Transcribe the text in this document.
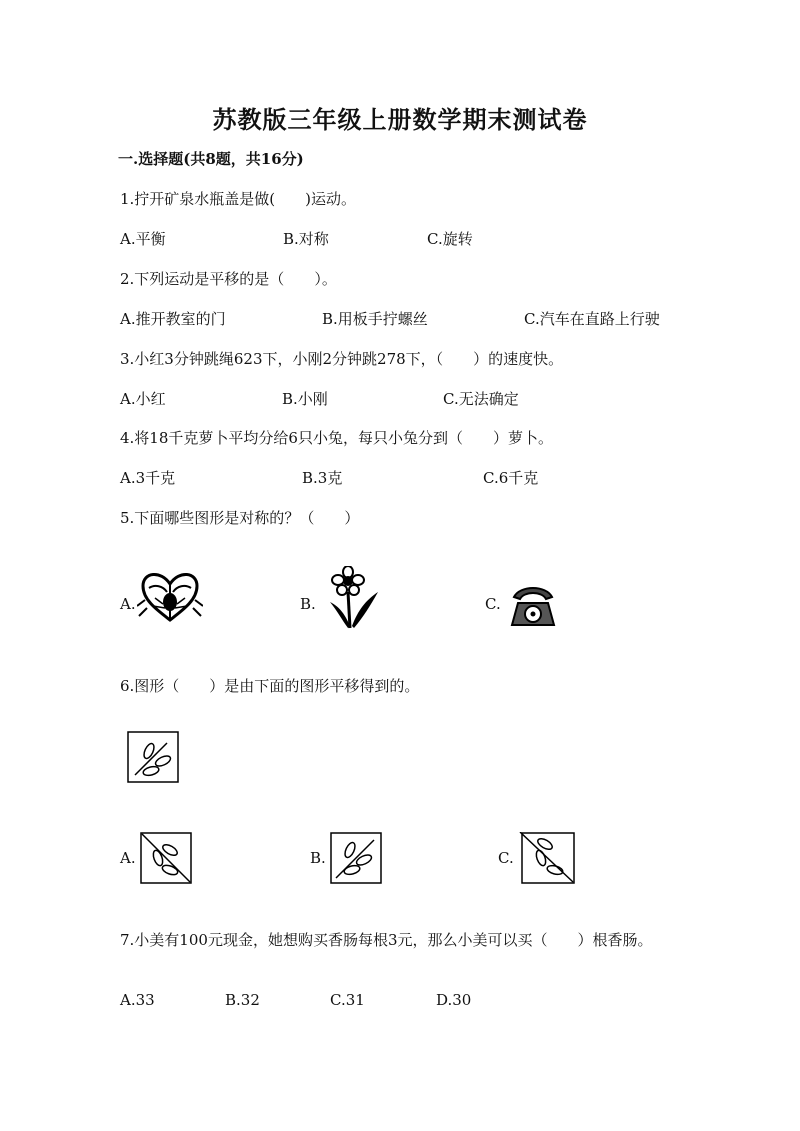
苏教版三年级上册数学期末测试卷
一.选择题(共8题，共16分)
1.拧开矿泉水瓶盖是做(　　)运动。
A.平衡	B.对称	C.旋转
2.下列运动是平移的是（　　）。
A.推开教室的门	B.用板手拧螺丝	C.汽车在直路上行驶
3.小红3分钟跳绳623下，小刚2分钟跳278下，（　　）的速度快。
A.小红	B.小刚	C.无法确定
4.将18千克萝卜平均分给6只小兔，每只小兔分到（　　）萝卜。
A.3千克	B.3克	C.6千克
5.下面哪些图形是对称的？（　　）
A.	B.	C.
6.图形（　　）是由下面的图形平移得到的。
A.	B.	C.
7.小美有100元现金，她想购买香肠每根3元，那么小美可以买（　　）根香肠。
A.33	B.32	C.31	D.30
